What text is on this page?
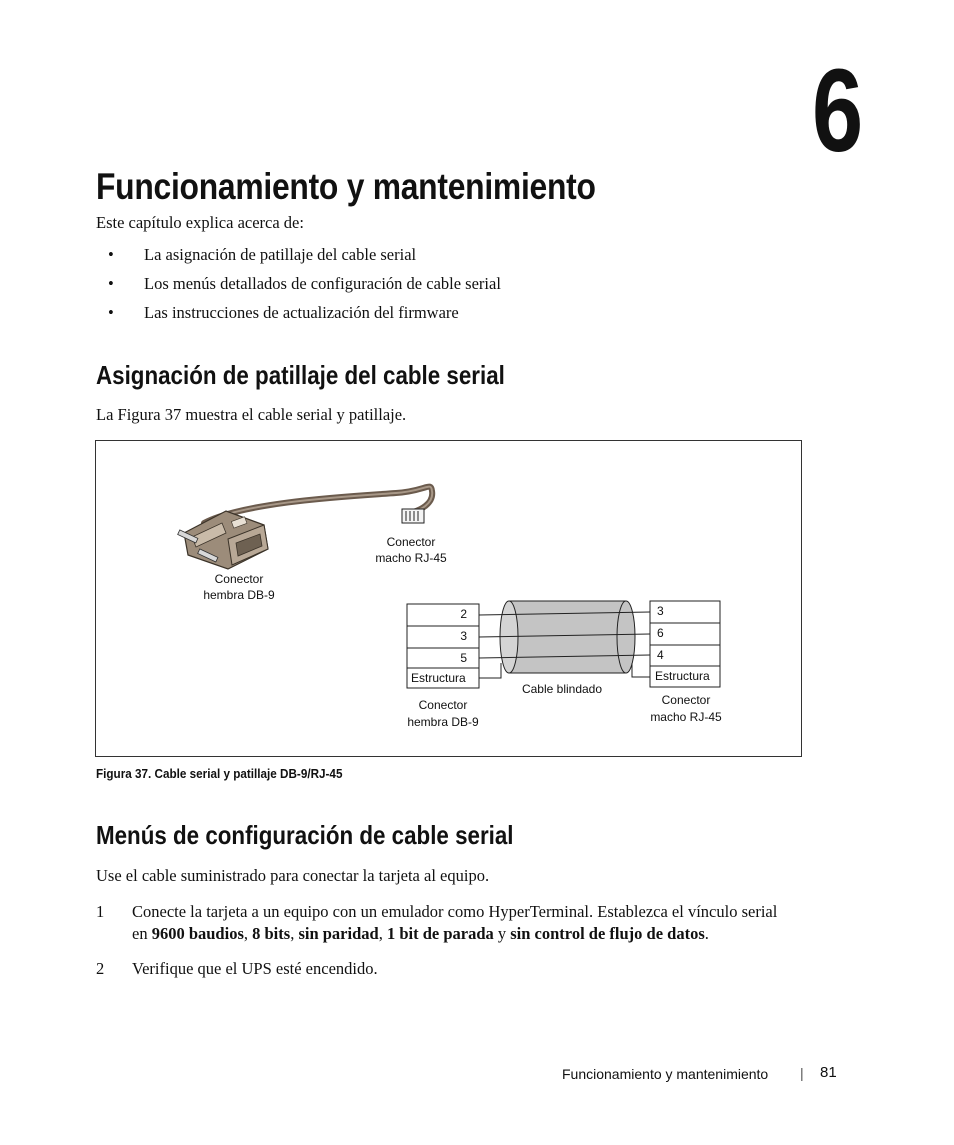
6
Funcionamiento y mantenimiento
Este capítulo explica acerca de:
• La asignación de patillaje del cable serial
• Los menús detallados de configuración de cable serial
• Las instrucciones de actualización del firmware
Asignación de patillaje del cable serial
La Figura 37 muestra el cable serial y patillaje.
Conector
hembra DB-9
Conector
macho RJ-45
2
3
5
Estructura
3
6
4
Estructura
Cable blindado
Conector
hembra DB-9
Conector
macho RJ-45
Figura 37. Cable serial y patillaje DB-9/RJ-45
Menús de configuración de cable serial
Use el cable suministrado para conectar la tarjeta al equipo.
1 Conecte la tarjeta a un equipo con un emulador como HyperTerminal. Establezca el vínculo serial
en 9600 baudios, 8 bits, sin paridad, 1 bit de parada y sin control de flujo de datos.
2 Verifique que el UPS esté encendido.
Funcionamiento y mantenimiento | 81
